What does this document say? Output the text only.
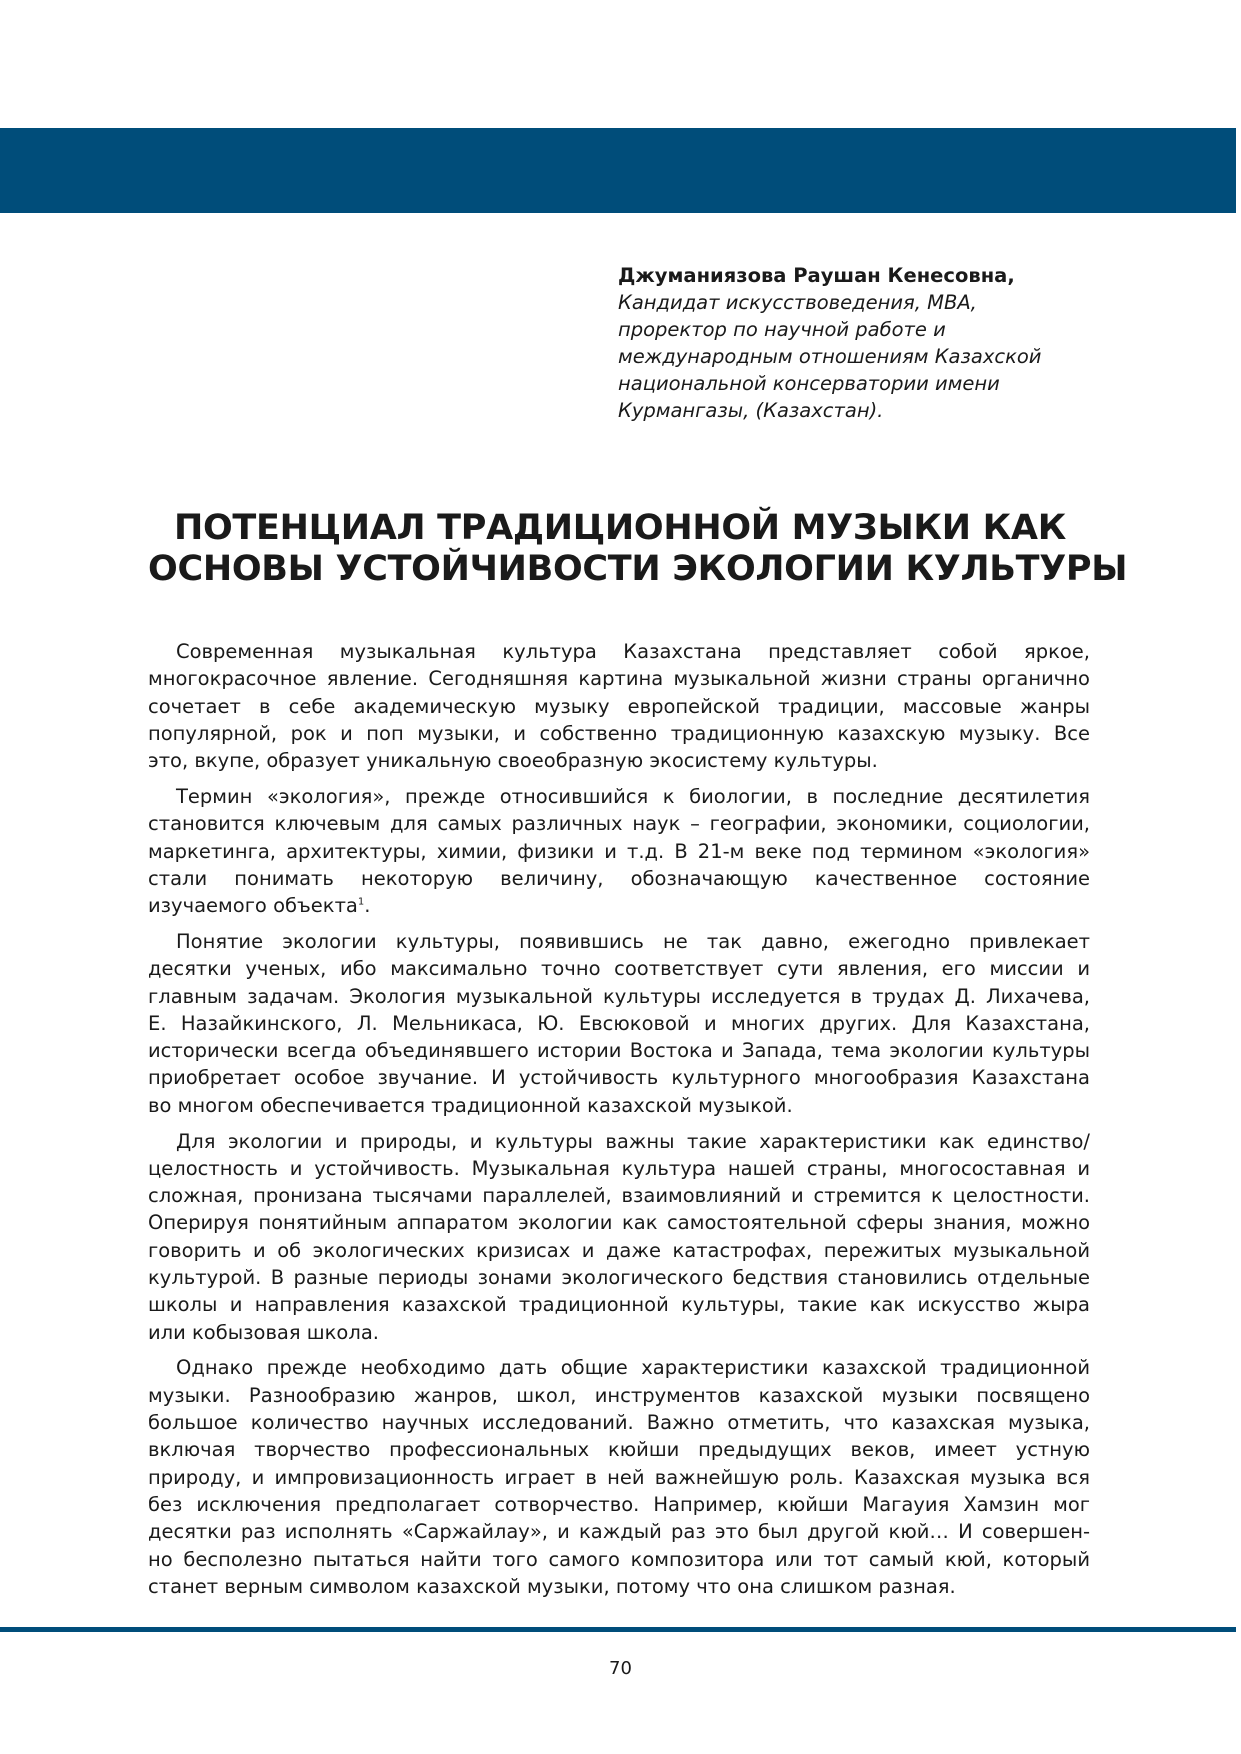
Джуманиязова Раушан Кенесовна,

Кандидат искусствоведения, МВА,
проректор по научной работе и
международным отношениям Казахской
национальной консерватории имени
Курмангазы, (Казахстан).

ПОТЕНЦИАЛ ТРАДИЦИОННОЙ МУЗЫКИ КАК
ОСНОВЫ УСТОЙЧИВОСТИ ЭКОЛОГИИ КУЛЬТУРЫ

Современная музыкальная культура Казахстана представляет собой яркое,
многокрасочное явление. Сегодняшняя картина музыкальной жизни страны органично
сочетает в себе академическую музыку европейской традиции, массовые жанры
популярной, рок и поп музыки, и собственно традиционную казахскую музыку. Все
это, вкупе, образует уникальную своеобразную экосистему культуры.

Термин «экология», прежде относившийся к биологии, в последние десятилетия
становится ключевым для самых различных наук – географии, экономики, социологии,
маркетинга, архитектуры, химии, физики и т.д. В 21-м веке под термином «экология»
стали понимать некоторую величину, обозначающую качественное состояние
изучаемого объекта$^1$.

Понятие экологии культуры, появившись не так давно, ежегодно привлекает
десятки ученых, ибо максимально точно соответствует сути явления, его миссии и
главным задачам. Экология музыкальной культуры исследуется в трудах Д. Лихачева,
Е. Назайкинского, Л. Мельникаса, Ю. Евсюковой и многих других. Для Казахстана,
исторически всегда объединявшего истории Востока и Запада, тема экологии культуры
приобретает особое звучание. И устойчивость культурного многообразия Казахстана
во многом обеспечивается традиционной казахской музыкой.

Для экологии и природы, и культуры важны такие характеристики как единство/
целостность и устойчивость. Музыкальная культура нашей страны, многосоставная и
сложная, пронизана тысячами параллелей, взаимовлияний и стремится к целостности.
Оперируя понятийным аппаратом экологии как самостоятельной сферы знания, можно
говорить и об экологических кризисах и даже катастрофах, пережитых музыкальной
культурой. В разные периоды зонами экологического бедствия становились отдельные
школы и направления казахской традиционной культуры, такие как искусство жыра
или кобызовая школа.

Однако прежде необходимо дать общие характеристики казахской традиционной
музыки. Разнообразию жанров, школ, инструментов казахской музыки посвящено
большое количество научных исследований. Важно отметить, что казахская музыка,
включая творчество профессиональных кюйши предыдущих веков, имеет устную
природу, и импровизационность играет в ней важнейшую роль. Казахская музыка вся
без исключения предполагает сотворчество. Например, кюйши Магауия Хамзин мог
десятки раз исполнять «Саржайлау», и каждый раз это был другой кюй… И совершен-
но бесполезно пытаться найти того самого композитора или тот самый кюй, который
станет верным символом казахской музыки, потому что она слишком разная.

70
